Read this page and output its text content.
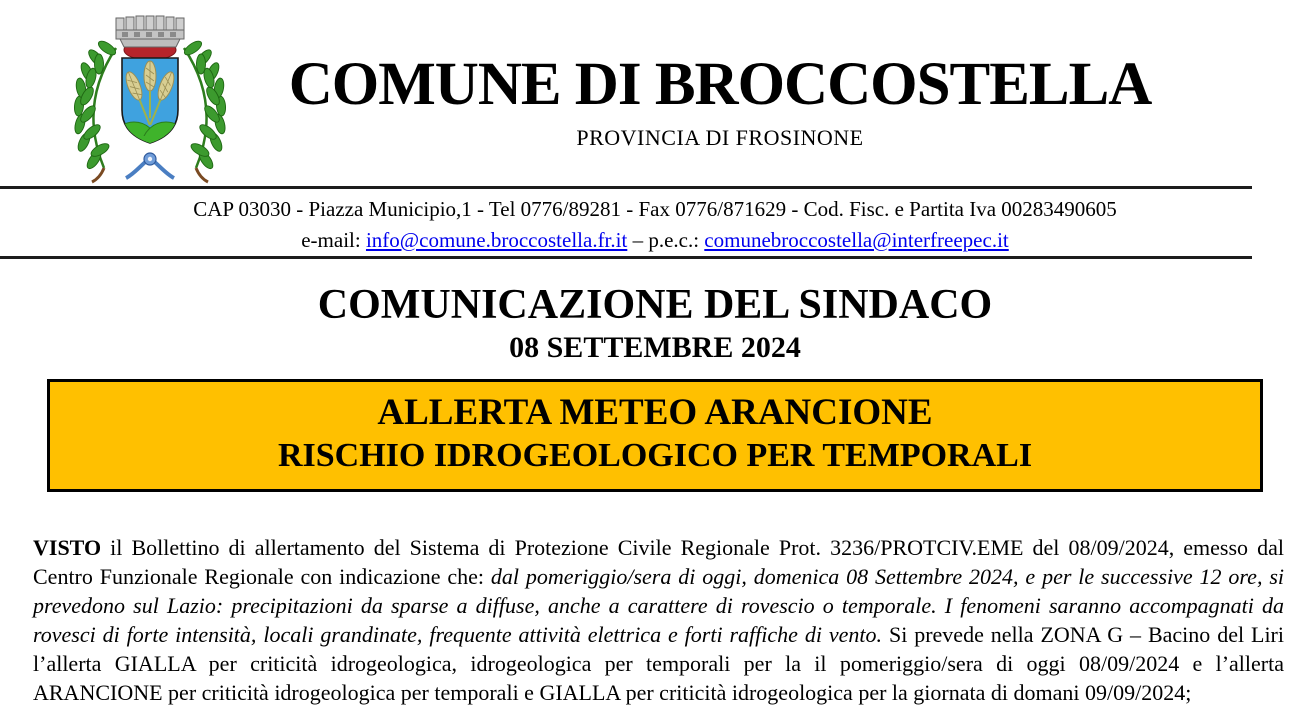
COMUNE DI BROCCOSTELLA
PROVINCIA DI FROSINONE
CAP 03030 - Piazza Municipio,1 - Tel 0776/89281 - Fax 0776/871629 - Cod. Fisc. e Partita Iva 00283490605
e-mail: info@comune.broccostella.fr.it – p.e.c.: comunebroccostella@interfreepec.it
COMUNICAZIONE DEL SINDACO
08 SETTEMBRE 2024
ALLERTA METEO ARANCIONE
RISCHIO IDROGEOLOGICO PER TEMPORALI

VISTO il Bollettino di allertamento del Sistema di Protezione Civile Regionale Prot. 3236/PROTCIV.EME del 08/09/2024, emesso dal Centro Funzionale Regionale con indicazione che: dal pomeriggio/sera di oggi, domenica 08 Settembre 2024, e per le successive 12 ore, si prevedono sul Lazio: precipitazioni da sparse a diffuse, anche a carattere di rovescio o temporale. I fenomeni saranno accompagnati da rovesci di forte intensità, locali grandinate, frequente attività elettrica e forti raffiche di vento. Si prevede nella ZONA G – Bacino del Liri l’allerta GIALLA per criticità idrogeologica, idrogeologica per temporali per la il pomeriggio/sera di oggi 08/09/2024 e l’allerta ARANCIONE per criticità idrogeologica per temporali e GIALLA per criticità idrogeologica per la giornata di domani 09/09/2024;
